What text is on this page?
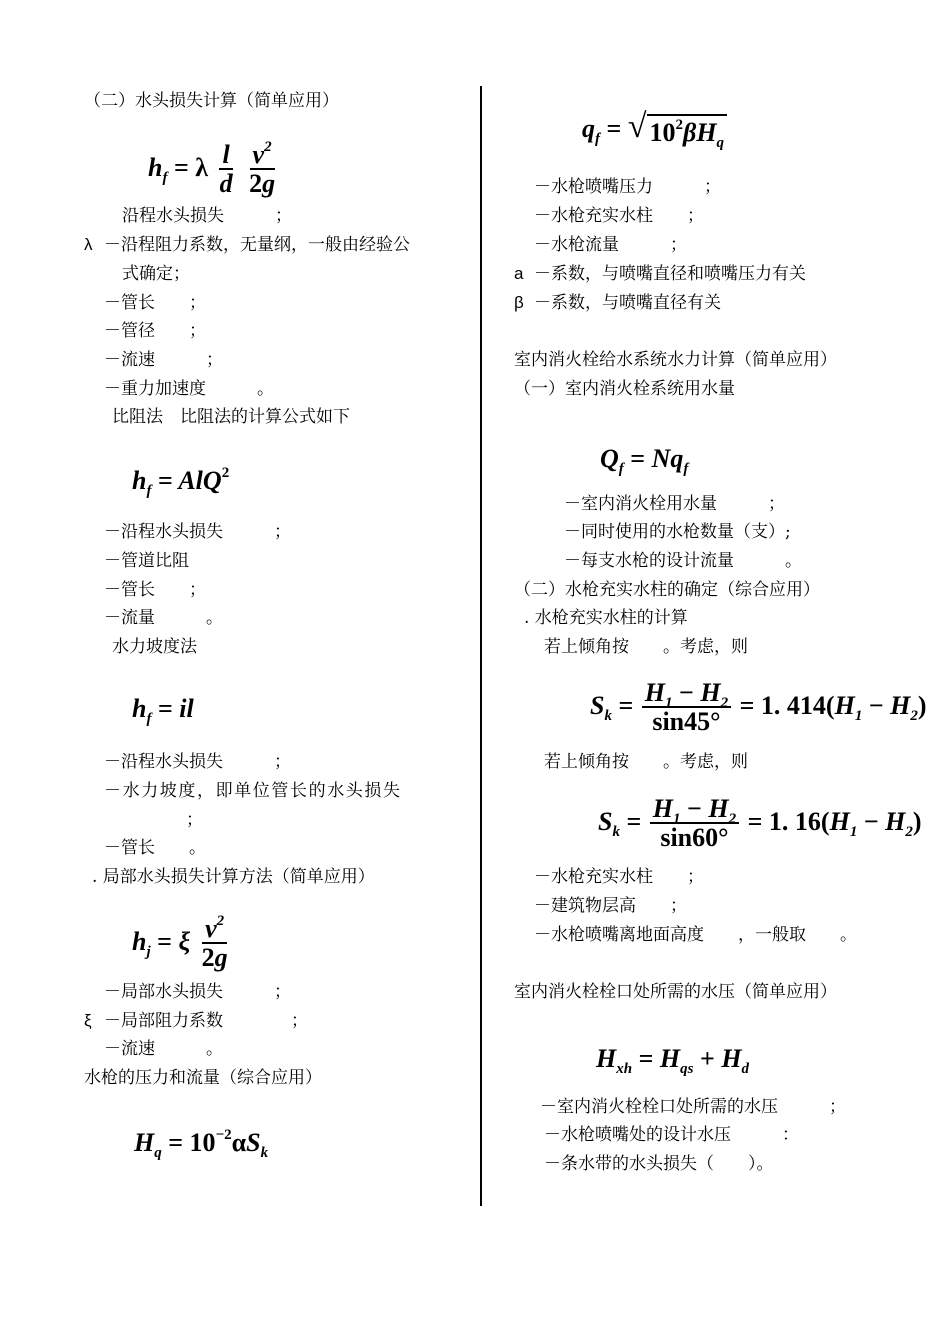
（二）水头损失计算（简单应用）
$h_f = \lambda \frac{l}{d}$
$\frac{v^2}{2g}$
沿程水头损失　　　；
λ －沿程阻力系数，无量纲，一般由经验公
式确定；
－管长　　；
－管径　　；
－流速　　　；
－重力加速度　　　。
比阻法　比阻法的计算公式如下
$h_f = AlQ^2$
－沿程水头损失　　　；
－管道比阻
－管长　　；
－流量　　　。
水力坡度法
$h_f$ = il
－沿程水头损失　　　；
－水力坡度，即单位管长的水头损失
；
－管长　　。
. 局部水头损失计算方法（简单应用）
$h_j = \xi \frac{v^2}{2g}$
－局部水头损失　　　；
ξ －局部阻力系数　　　　；
－流速　　　。
水枪的压力和流量（综合应用）
$H_q = 10^{-2}\alpha S_k$
$q_f$ = √ $10^2\beta H_q$
－水枪喷嘴压力　　　；
－水枪充实水柱　　；
－水枪流量　　　；
a －系数，与喷嘴直径和喷嘴压力有关
β －系数，与喷嘴直径有关
室内消火栓给水系统水力计算（简单应用）
（一）室内消火栓系统用水量
$Q_f = Nq_f$
－室内消火栓用水量　　　；
－同时使用的水枪数量（支）;
－每支水枪的设计流量　　　。
（二）水枪充实水柱的确定（综合应用）
. 水枪充实水柱的计算
若上倾角按　　。考虑，则
$S_k = \frac{H_1 - H_2}{\sin 45^\circ} = 1$. $414(H_1 - H_2)$
若上倾角按　　。考虑，则
$S_k = \frac{H_1 - H_2}{\sin 60^\circ} = 1$. $16(H_1 - H_2)$
－水枪充实水柱　　；
－建筑物层高　　；
－水枪喷嘴离地面高度　　，一般取　　。
室内消火栓栓口处所需的水压（简单应用）
$H_{xh} = H_{qs} + H_d$
－室内消火栓栓口处所需的水压　　　；
－水枪喷嘴处的设计水压　　　：
－条水带的水头损失（　　）。
